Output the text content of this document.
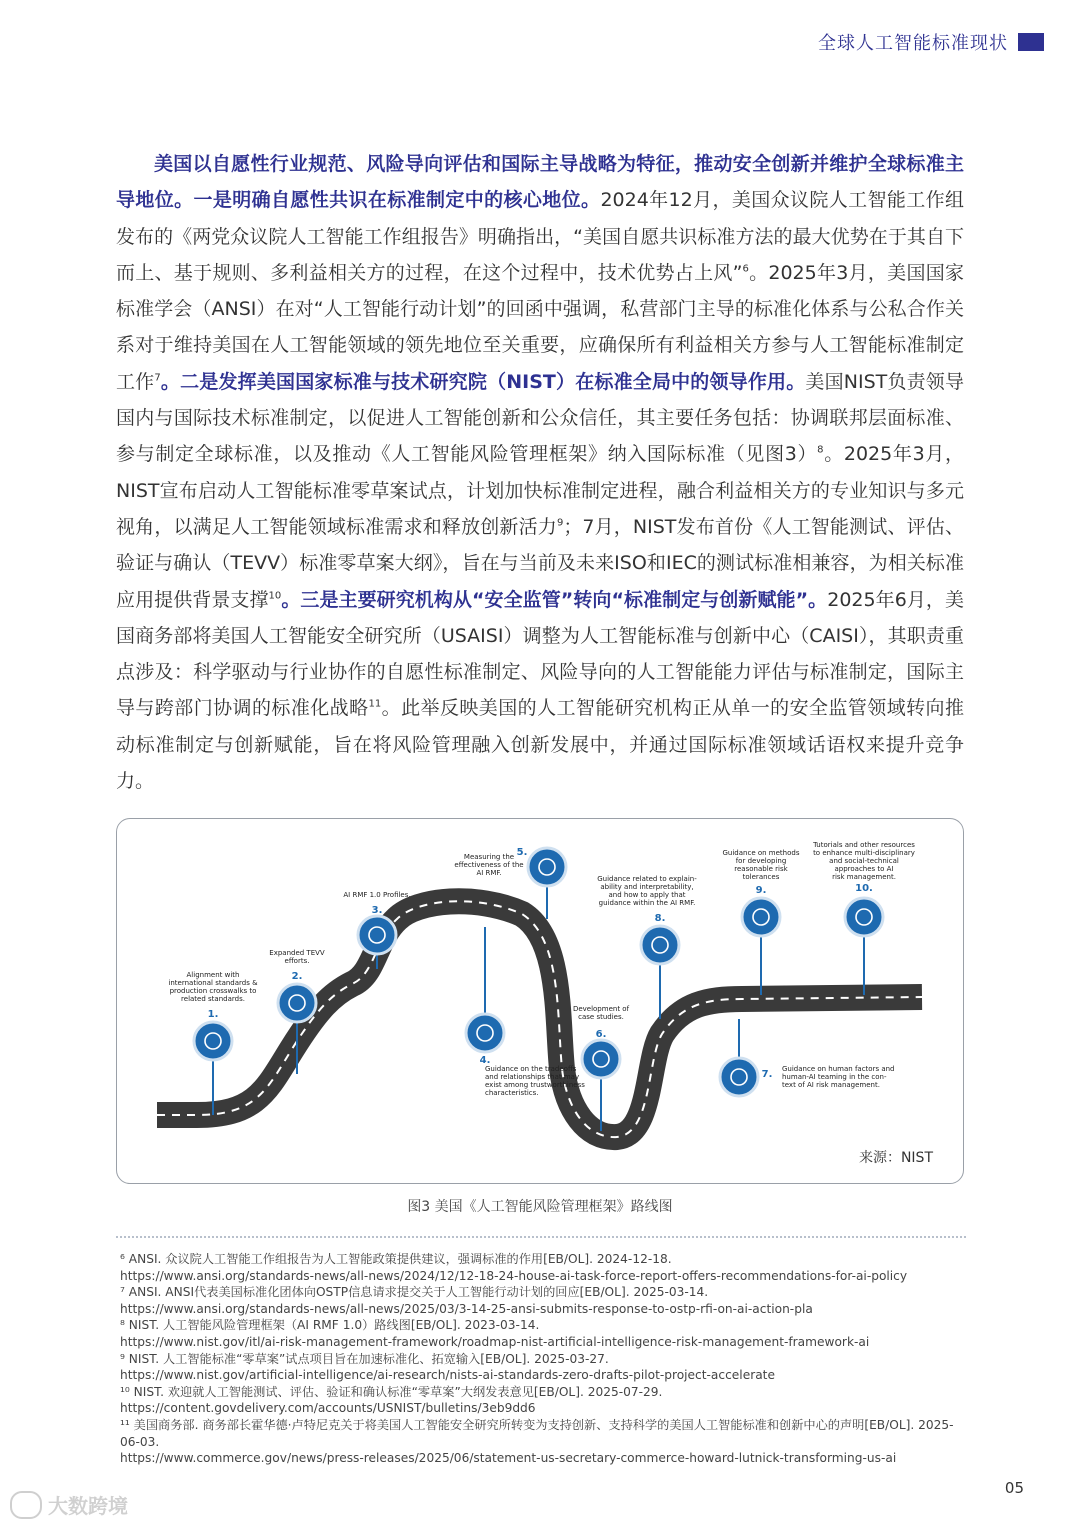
全球人工智能标准现状

美国以自愿性行业规范、风险导向评估和国际主导战略为特征，推动安全创新并维护全球标准主导地位。一是明确自愿性共识在标准制定中的核心地位。2024年12月，美国众议院人工智能工作组发布的《两党众议院人工智能工作组报告》明确指出，“美国自愿共识标准方法的最大优势在于其自下而上、基于规则、多利益相关方的过程，在这个过程中，技术优势占上风”$^6$。2025年3月，美国国家标准学会（ANSI）在对“人工智能行动计划”的回函中强调，私营部门主导的标准化体系与公私合作关系对于维持美国在人工智能领域的领先地位至关重要，应确保所有利益相关方参与人工智能标准制定工作$^7$。二是发挥美国国家标准与技术研究院（NIST）在标准全局中的领导作用。美国NIST负责领导国内与国际技术标准制定，以促进人工智能创新和公众信任，其主要任务包括：协调联邦层面标准、参与制定全球标准，以及推动《人工智能风险管理框架》纳入国际标准（见图3）$^8$。2025年3月，NIST宣布启动人工智能标准零草案试点，计划加快标准制定进程，融合利益相关方的专业知识与多元视角，以满足人工智能领域标准需求和释放创新活力$^9$；7月，NIST发布首份《人工智能测试、评估、验证与确认（TEVV）标准零草案大纲》，旨在与当前及未来ISO和IEC的测试标准相兼容，为相关标准应用提供背景支撑$^{10}$。三是主要研究机构从“安全监管”转向“标准制定与创新赋能”。2025年6月，美国商务部将美国人工智能安全研究所（USAISI）调整为人工智能标准与创新中心（CAISI），其职责重点涉及：科学驱动与行业协作的自愿性标准制定、风险导向的人工智能能力评估与标准制定，国际主导与跨部门协调的标准化战略$^{11}$。此举反映美国的人工智能研究机构正从单一的安全监管领域转向推动标准制定与创新赋能，旨在将风险管理融入创新发展中，并通过国际标准领域话语权来提升竞争力。

1.
Alignment with
international standards &
production crosswalks to
related standards.
2.
Expanded TEVV
efforts.
3.
AI RMF 1.0 Profiles.
4.
Guidance on the tradeoffs
and relationships that may
exist among trustworthiness
characteristics.
5.
Measuring the
effectiveness of the
AI RMF.
6.
Development of
case studies.
7. Guidance on human factors and
human-AI teaming in the con-
text of AI risk management.
8.
Guidance related to explain-
ability and interpretability,
and how to apply that
guidance within the AI RMF.
9.
Guidance on methods
for developing
reasonable risk
tolerances
10.
Tutorials and other resources
to enhance multi-disciplinary
and social-technical
approaches to AI
risk management.
来源：NIST
图3 美国《人工智能风险管理框架》路线图
⁶ ANSI. 众议院人工智能工作组报告为人工智能政策提供建议，强调标准的作用[EB/OL]. 2024-12-18.
https://www.ansi.org/standards-news/all-news/2024/12/12-18-24-house-ai-task-force-report-offers-recommendations-for-ai-policy
⁷ ANSI. ANSI代表美国标准化团体向OSTP信息请求提交关于人工智能行动计划的回应[EB/OL]. 2025-03-14.
https://www.ansi.org/standards-news/all-news/2025/03/3-14-25-ansi-submits-response-to-ostp-rfi-on-ai-action-pla
⁸ NIST. 人工智能风险管理框架（AI RMF 1.0）路线图[EB/OL]. 2023-03-14.
https://www.nist.gov/itl/ai-risk-management-framework/roadmap-nist-artificial-intelligence-risk-management-framework-ai
⁹ NIST. 人工智能标准“零草案”试点项目旨在加速标准化、拓宽输入[EB/OL]. 2025-03-27.
https://www.nist.gov/artificial-intelligence/ai-research/nists-ai-standards-zero-drafts-pilot-project-accelerate
¹⁰ NIST. 欢迎就人工智能测试、评估、验证和确认标准“零草案”大纲发表意见[EB/OL]. 2025-07-29.
https://content.govdelivery.com/accounts/USNIST/bulletins/3eb9dd6
¹¹ 美国商务部. 商务部长霍华德·卢特尼克关于将美国人工智能安全研究所转变为支持创新、支持科学的美国人工智能标准和创新中心的声明[EB/OL]. 2025-06-03.
https://www.commerce.gov/news/press-releases/2025/06/statement-us-secretary-commerce-howard-lutnick-transforming-us-ai
05
大数跨境
